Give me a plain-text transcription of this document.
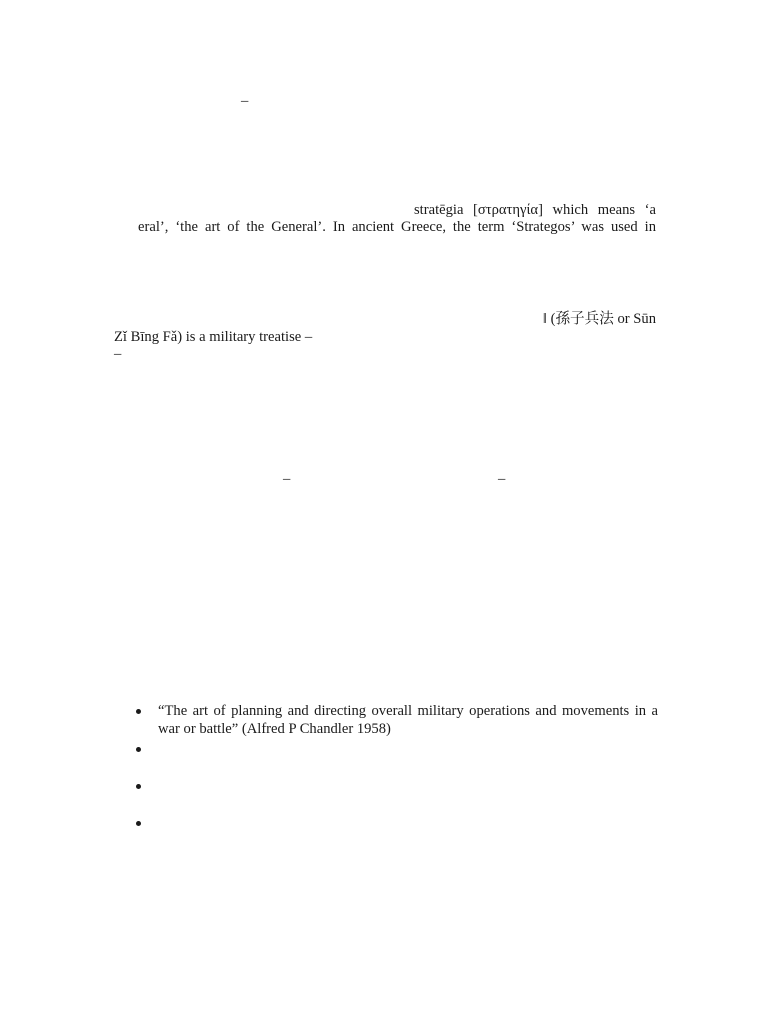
–
stratēgia [στρατηγία] which means ‘a
eral’, ‘the art of the General’. In ancient Greece, the term ‘Strategos’ was used in
‖ (孫子兵法 or Sūn
Zǐ Bīng Fǎ) is a military treatise –
–
–	–
“The art of planning and directing overall military operations and movements in a war or battle” (Alfred P Chandler 1958)
